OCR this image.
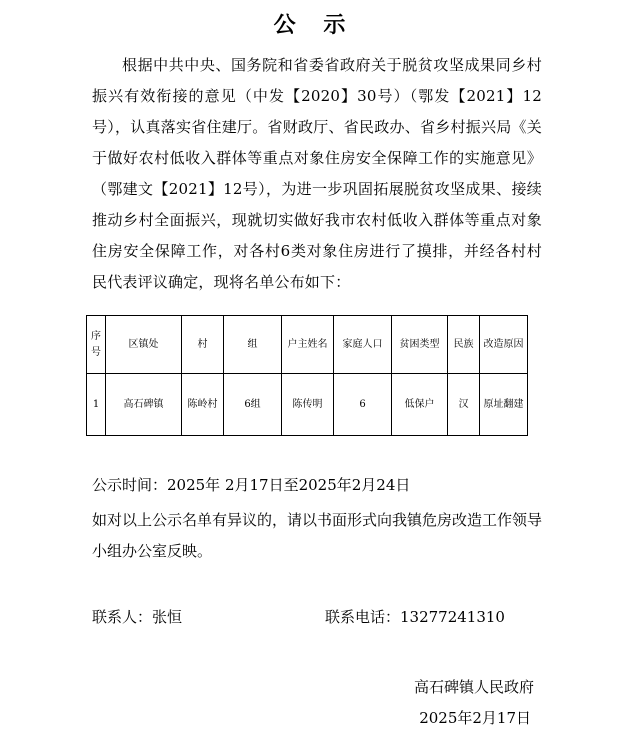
公 示
根据中共中央、国务院和省委省政府关于脱贫攻坚成果同乡村振兴有效衔接的意见（中发【2020】30号）（鄂发【2021】12号），认真落实省住建厅。省财政厅、省民政办、省乡村振兴局《关于做好农村低收入群体等重点对象住房安全保障工作的实施意见》（鄂建文【2021】12号），为进一步巩固拓展脱贫攻坚成果、接续推动乡村全面振兴，现就切实做好我市农村低收入群体等重点对象住房安全保障工作，对各村6类对象住房进行了摸排，并经各村村民代表评议确定，现将名单公布如下：
序号	区镇处	村	组	户主姓名	家庭人口	贫困类型	民族	改造原因
1	高石碑镇	陈岭村	6组	陈传明	6	低保户	汉	原址翻建
公示时间：2025年 2月17日至2025年2月24日
如对以上公示名单有异议的，请以书面形式向我镇危房改造工作领导小组办公室反映。
联系人：张恒	联系电话：13277241310
高石碑镇人民政府
2025年2月17日
